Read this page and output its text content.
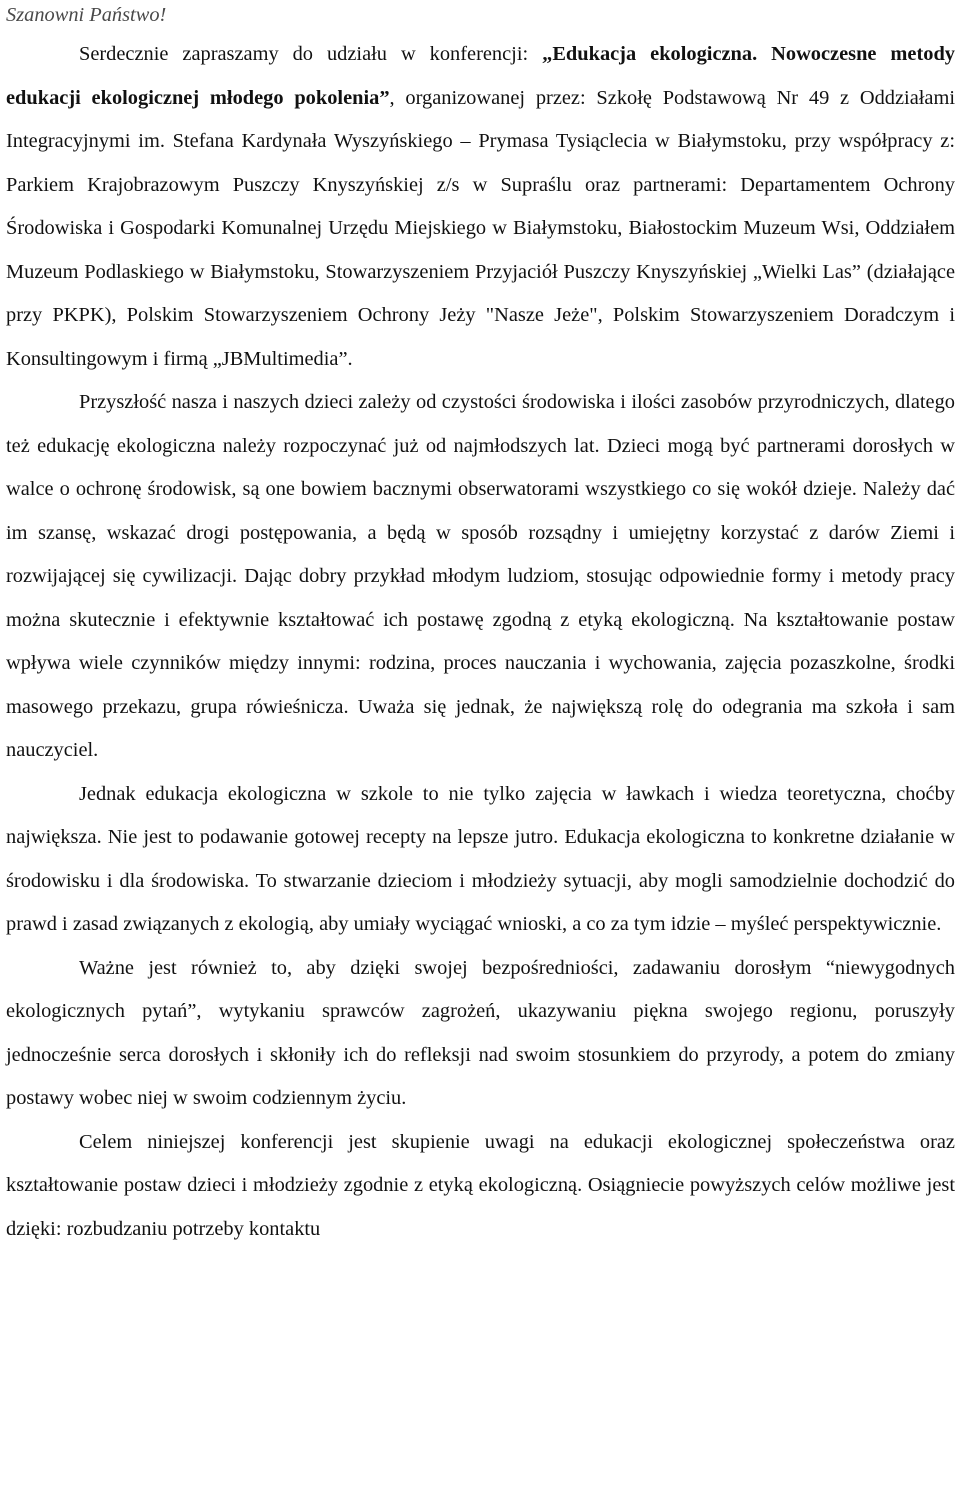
Szanowni Państwo!

Serdecznie zapraszamy do udziału w konferencji: „Edukacja ekologiczna. Nowoczesne metody edukacji ekologicznej młodego pokolenia”, organizowanej przez: Szkołę Podstawową Nr 49 z Oddziałami Integracyjnymi im. Stefana Kardynała Wyszyńskiego – Prymasa Tysiąclecia w Białymstoku, przy współpracy z: Parkiem Krajobrazowym Puszczy Knyszyńskiej z/s w Supraślu oraz partnerami: Departamentem Ochrony Środowiska i Gospodarki Komunalnej Urzędu Miejskiego w Białymstoku, Białostockim Muzeum Wsi, Oddziałem Muzeum Podlaskiego w Białymstoku, Stowarzyszeniem Przyjaciół Puszczy Knyszyńskiej „Wielki Las” (działające przy PKPK), Polskim Stowarzyszeniem Ochrony Jeży "Nasze Jeże", Polskim Stowarzyszeniem Doradczym i Konsultingowym i firmą „JBMultimedia”.

Przyszłość nasza i naszych dzieci zależy od czystości środowiska i ilości zasobów przyrodniczych, dlatego też edukację ekologiczna należy rozpoczynać już od najmłodszych lat. Dzieci mogą być partnerami dorosłych w walce o ochronę środowisk, są one bowiem bacznymi obserwatorami wszystkiego co się wokół dzieje. Należy dać im szansę, wskazać drogi postępowania, a będą w sposób rozsądny i umiejętny korzystać z darów Ziemi i rozwijającej się cywilizacji. Dając dobry przykład młodym ludziom, stosując odpowiednie formy i metody pracy można skutecznie i efektywnie kształtować ich postawę zgodną z etyką ekologiczną. Na kształtowanie postaw wpływa wiele czynników między innymi: rodzina, proces nauczania i wychowania, zajęcia pozaszkolne, środki masowego przekazu, grupa rówieśnicza. Uważa się jednak, że największą rolę do odegrania ma szkoła i sam nauczyciel.

Jednak edukacja ekologiczna w szkole to nie tylko zajęcia w ławkach i wiedza teoretyczna, choćby największa. Nie jest to podawanie gotowej recepty na lepsze jutro. Edukacja ekologiczna to konkretne działanie w środowisku i dla środowiska. To stwarzanie dzieciom i młodzieży sytuacji, aby mogli samodzielnie dochodzić do prawd i zasad związanych z ekologią, aby umiały wyciągać wnioski, a co za tym idzie – myśleć perspektywicznie.

Ważne jest również to, aby dzięki swojej bezpośredniości, zadawaniu dorosłym “niewygodnych ekologicznych pytań”, wytykaniu sprawców zagrożeń, ukazywaniu piękna swojego regionu, poruszyły jednocześnie serca dorosłych i skłoniły ich do refleksji nad swoim stosunkiem do przyrody, a potem do zmiany postawy wobec niej w swoim codziennym życiu.

Celem niniejszej konferencji jest skupienie uwagi na edukacji ekologicznej społeczeństwa oraz kształtowanie postaw dzieci i młodzieży zgodnie z etyką ekologiczną. Osiągniecie powyższych celów możliwe jest dzięki: rozbudzaniu potrzeby kontaktu
